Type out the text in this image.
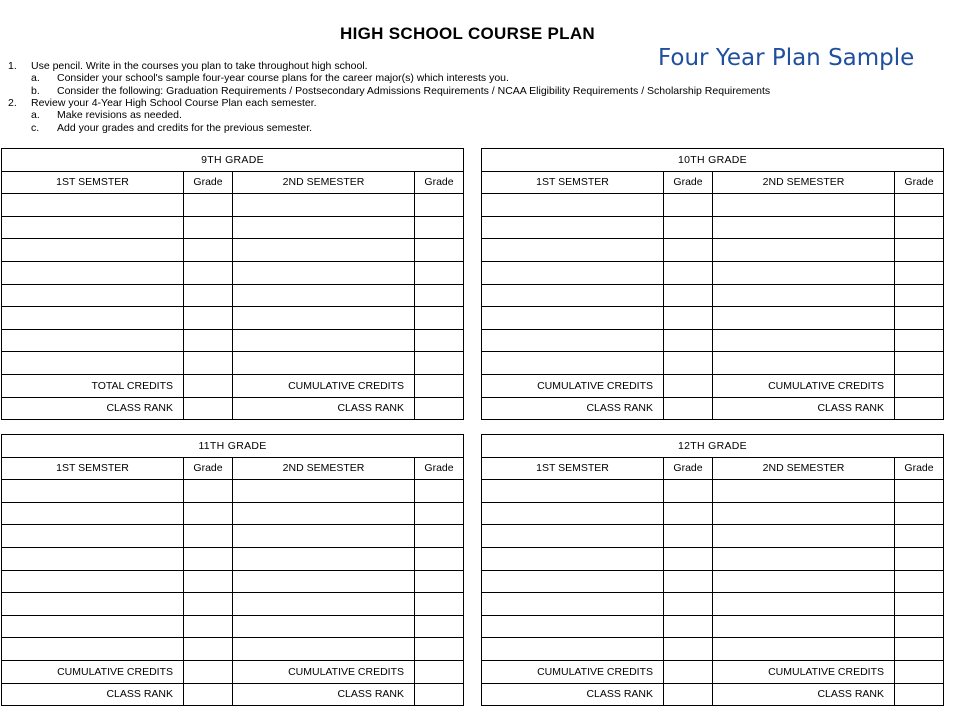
HIGH SCHOOL COURSE PLAN
Four Year Plan Sample
1. Use pencil. Write in the courses you plan to take throughout high school.
a. Consider your school's sample four-year course plans for the career major(s) which interests you.
b. Consider the following: Graduation Requirements / Postsecondary Admissions Requirements / NCAA Eligibility Requirements / Scholarship Requirements
2. Review your 4-Year High School Course Plan each semester.
a. Make revisions as needed.
c. Add your grades and credits for the previous semester.
9TH GRADE			
1ST SEMSTER	Grade	2ND SEMESTER	Grade

TOTAL CREDITS		CUMULATIVE CREDITS	
CLASS RANK		CLASS RANK	
10TH GRADE			
1ST SEMSTER	Grade	2ND SEMESTER	Grade

CUMULATIVE CREDITS		CUMULATIVE CREDITS	
CLASS RANK		CLASS RANK	
11TH GRADE			
1ST SEMSTER	Grade	2ND SEMESTER	Grade

CUMULATIVE CREDITS		CUMULATIVE CREDITS	
CLASS RANK		CLASS RANK	
12TH GRADE			
1ST SEMSTER	Grade	2ND SEMESTER	Grade

CUMULATIVE CREDITS		CUMULATIVE CREDITS	
CLASS RANK		CLASS RANK	
